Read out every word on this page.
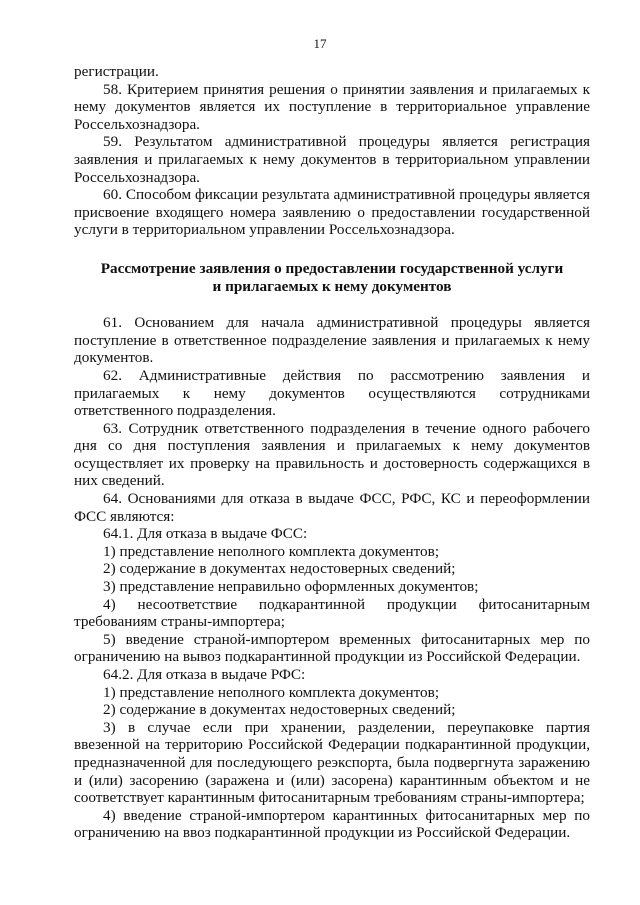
17

регистрации.

58. Критерием принятия решения о принятии заявления и прилагаемых к нему документов является их поступление в территориальное управление Россельхознадзора.

59. Результатом административной процедуры является регистрация заявления и прилагаемых к нему документов в территориальном управлении Россельхознадзора.

60. Способом фиксации результата административной процедуры является присвоение входящего номера заявлению о предоставлении государственной услуги в территориальном управлении Россельхознадзора.

Рассмотрение заявления о предоставлении государственной услуги
и прилагаемых к нему документов

61. Основанием для начала административной процедуры является поступление в ответственное подразделение заявления и прилагаемых к нему документов.

62. Административные действия по рассмотрению заявления и прилагаемых к нему документов осуществляются сотрудниками ответственного подразделения.

63. Сотрудник ответственного подразделения в течение одного рабочего дня со дня поступления заявления и прилагаемых к нему документов осуществляет их проверку на правильность и достоверность содержащихся в них сведений.

64. Основаниями для отказа в выдаче ФСС, РФС, КС и переоформлении ФСС являются:

64.1. Для отказа в выдаче ФСС:

1) представление неполного комплекта документов;

2) содержание в документах недостоверных сведений;

3) представление неправильно оформленных документов;

4) несоответствие подкарантинной продукции фитосанитарным требованиям страны-импортера;

5) введение страной-импортером временных фитосанитарных мер по ограничению на вывоз подкарантинной продукции из Российской Федерации.

64.2. Для отказа в выдаче РФС:

1) представление неполного комплекта документов;

2) содержание в документах недостоверных сведений;

3) в случае если при хранении, разделении, переупаковке партия ввезенной на территорию Российской Федерации подкарантинной продукции, предназначенной для последующего реэкспорта, была подвергнута заражению и (или) засорению (заражена и (или) засорена) карантинным объектом и не соответствует карантинным фитосанитарным требованиям страны-импортера;

4) введение страной-импортером карантинных фитосанитарных мер по ограничению на ввоз подкарантинной продукции из Российской Федерации.
